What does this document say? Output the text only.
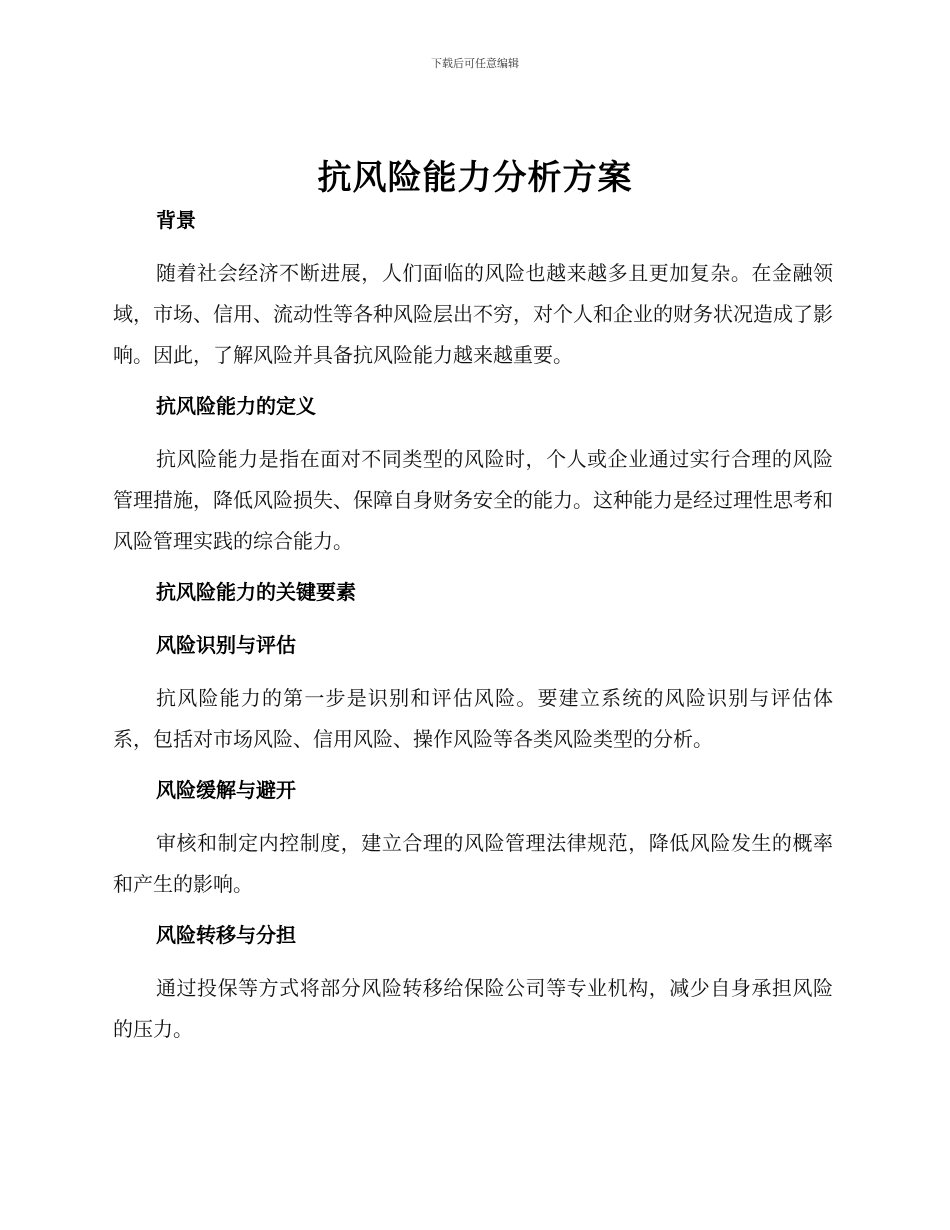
下载后可任意编辑
抗风险能力分析方案

背景

随着社会经济不断进展，人们面临的风险也越来越多且更加复杂。在金融领域，市场、信用、流动性等各种风险层出不穷，对个人和企业的财务状况造成了影响。因此，了解风险并具备抗风险能力越来越重要。

抗风险能力的定义

抗风险能力是指在面对不同类型的风险时，个人或企业通过实行合理的风险管理措施，降低风险损失、保障自身财务安全的能力。这种能力是经过理性思考和风险管理实践的综合能力。

抗风险能力的关键要素

风险识别与评估

抗风险能力的第一步是识别和评估风险。要建立系统的风险识别与评估体系，包括对市场风险、信用风险、操作风险等各类风险类型的分析。

风险缓解与避开

审核和制定内控制度，建立合理的风险管理法律规范，降低风险发生的概率和产生的影响。

风险转移与分担

通过投保等方式将部分风险转移给保险公司等专业机构，减少自身承担风险的压力。
